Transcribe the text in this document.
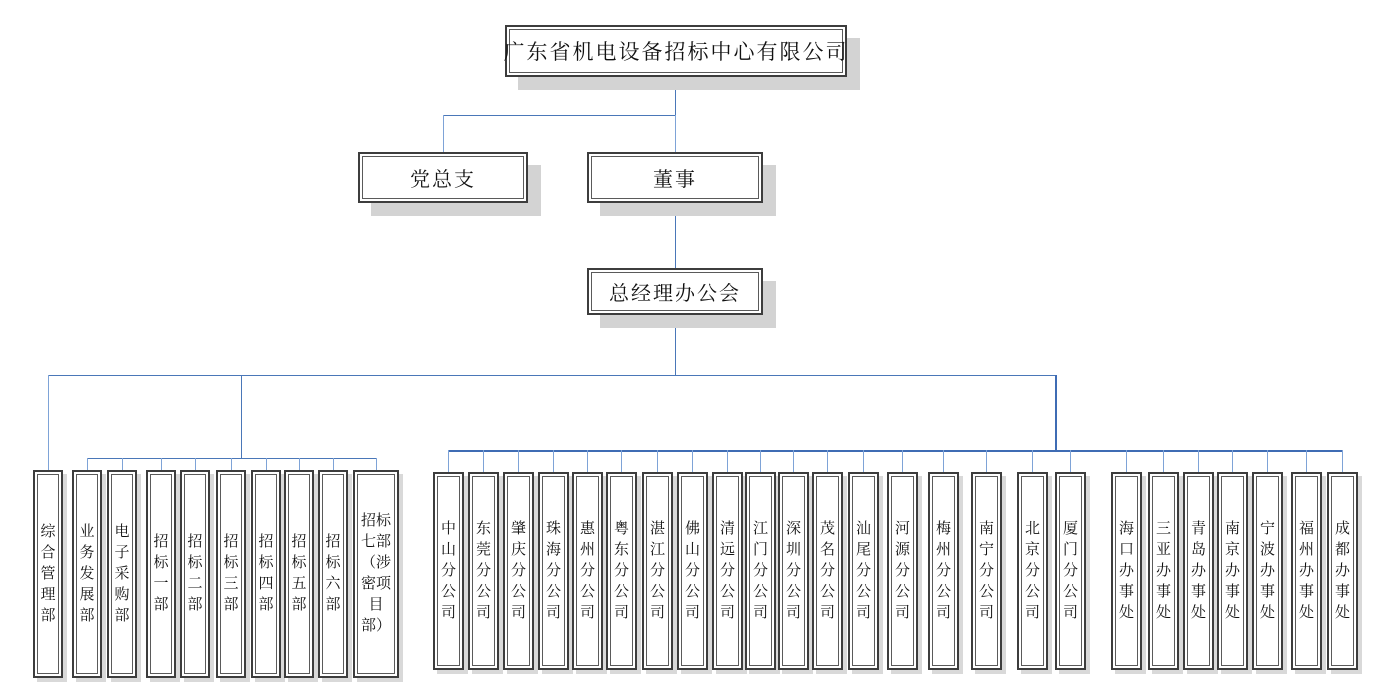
广东省机电设备招标中心有限公司
党总支	董事
总经理办公会
综合管理部
业务发展部
电子采购部
招标一部
招标二部
招标三部
招标四部
招标五部
招标六部
招标七部（涉密项目部）
中山分公司
东莞分公司
肇庆分公司
珠海分公司
惠州分公司
粤东分公司
湛江分公司
佛山分公司
清远分公司
江门分公司
深圳分公司
茂名分公司
汕尾分公司
河源分公司
梅州分公司
南宁分公司
北京分公司
厦门分公司
海口办事处
三亚办事处
青岛办事处
南京办事处
宁波办事处
福州办事处
成都办事处
